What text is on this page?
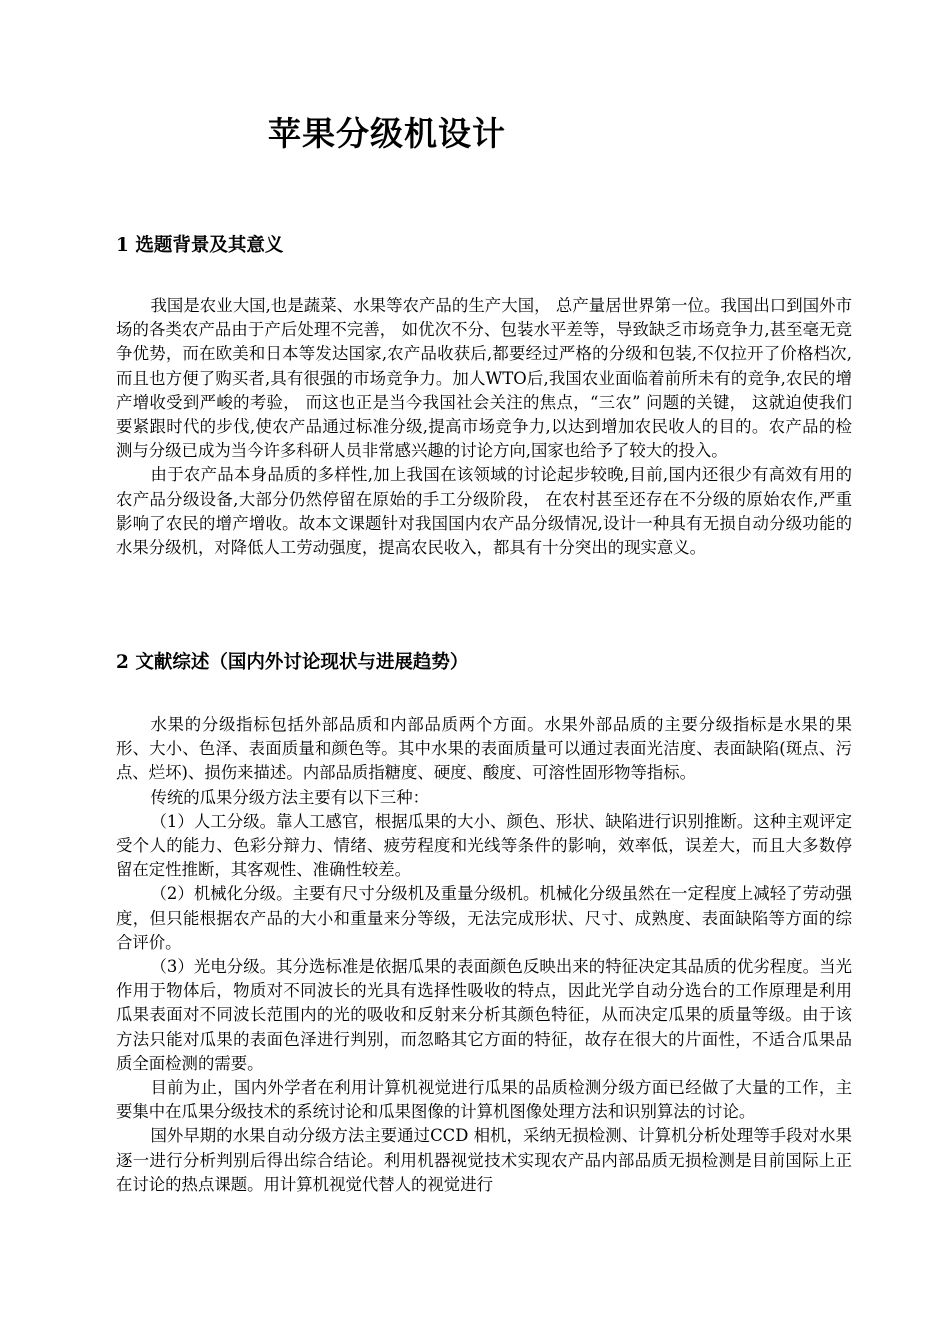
苹果分级机设计
1 选题背景及其意义

我国是农业大国,也是蔬菜、水果等农产品的生产大国， 总产量居世界第一位。我国出口到国外市场的各类农产品由于产后处理不完善， 如优次不分、包装水平差等，导致缺乏市场竞争力,甚至毫无竞争优势，而在欧美和日本等发达国家,农产品收获后,都要经过严格的分级和包装,不仅拉开了价格档次,而且也方便了购买者,具有很强的市场竞争力。加人WTO后,我国农业面临着前所未有的竞争,农民的增产增收受到严峻的考验， 而这也正是当今我国社会关注的焦点，“三农” 问题的关键， 这就迫使我们要紧跟时代的步伐,使农产品通过标准分级,提高市场竞争力,以达到增加农民收人的目的。农产品的检测与分级已成为当今许多科研人员非常感兴趣的讨论方向,国家也给予了较大的投入。

由于农产品本身品质的多样性,加上我国在该领域的讨论起步较晚,目前,国内还很少有高效有用的农产品分级设备,大部分仍然停留在原始的手工分级阶段， 在农村甚至还存在不分级的原始农作,严重影响了农民的增产增收。故本文课题针对我国国内农产品分级情况,设计一种具有无损自动分级功能的水果分级机，对降低人工劳动强度，提高农民收入，都具有十分突出的现实意义。

2 文献综述（国内外讨论现状与进展趋势）

水果的分级指标包括外部品质和内部品质两个方面。水果外部品质的主要分级指标是水果的果形、大小、色泽、表面质量和颜色等。其中水果的表面质量可以通过表面光洁度、表面缺陷(斑点、污点、烂坏)、损伤来描述。内部品质指糖度、硬度、酸度、可溶性固形物等指标。

传统的瓜果分级方法主要有以下三种：

（1）人工分级。靠人工感官，根据瓜果的大小、颜色、形状、缺陷进行识别推断。这种主观评定受个人的能力、色彩分辩力、情绪、疲劳程度和光线等条件的影响，效率低，误差大，而且大多数停留在定性推断，其客观性、准确性较差。

（2）机械化分级。主要有尺寸分级机及重量分级机。机械化分级虽然在一定程度上减轻了劳动强度，但只能根据农产品的大小和重量来分等级，无法完成形状、尺寸、成熟度、表面缺陷等方面的综合评价。

（3）光电分级。其分选标准是依据瓜果的表面颜色反映出来的特征决定其品质的优劣程度。当光作用于物体后，物质对不同波长的光具有选择性吸收的特点，因此光学自动分选台的工作原理是利用瓜果表面对不同波长范围内的光的吸收和反射来分析其颜色特征，从而决定瓜果的质量等级。由于该方法只能对瓜果的表面色泽进行判别，而忽略其它方面的特征，故存在很大的片面性，不适合瓜果品质全面检测的需要。

目前为止，国内外学者在利用计算机视觉进行瓜果的品质检测分级方面已经做了大量的工作，主要集中在瓜果分级技术的系统讨论和瓜果图像的计算机图像处理方法和识别算法的讨论。

国外早期的水果自动分级方法主要通过CCD 相机，采纳无损检测、计算机分析处理等手段对水果逐一进行分析判别后得出综合结论。利用机器视觉技术实现农产品内部品质无损检测是目前国际上正在讨论的热点课题。用计算机视觉代替人的视觉进行
